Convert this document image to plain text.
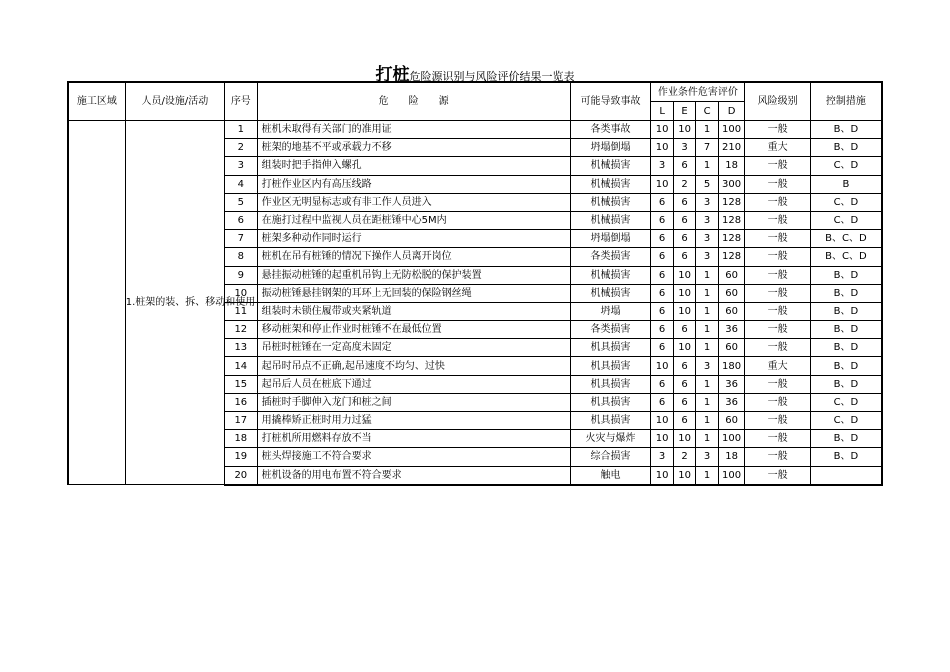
打桩危险源识别与风险评价结果一览表
施工区域	人员/设施/活动	序号	危　　险　　源	可能导致事故	作业条件危害评价				风险级别	控制措施
					L	E	C	D		
	1.桩架的装、拆、移动和使用	1	桩机未取得有关部门的准用证	各类事故	10	10	1	100	一般	B、D
		2	桩架的地基不平或承载力不移	坍塌倒塌	10	3	7	210	重大	B、D
		3	组装时把手指伸入螺孔	机械损害	3	6	1	18	一般	C、D
		4	打桩作业区内有高压线路	机械损害	10	2	5	300	一般	B
		5	作业区无明显标志或有非工作人员进入	机械损害	6	6	3	128	一般	C、D
		6	在施打过程中监视人员在距桩锤中心5M内	机械损害	6	6	3	128	一般	C、D
		7	桩架多种动作同时运行	坍塌倒塌	6	6	3	128	一般	B、C、D
		8	桩机在吊有桩锤的情况下操作人员离开岗位	各类损害	6	6	3	128	一般	B、C、D
		9	悬挂振动桩锤的起重机吊钩上无防松脱的保护装置	机械损害	6	10	1	60	一般	B、D
		10	振动桩锤悬挂钢架的耳环上无回装的保险钢丝绳	机械损害	6	10	1	60	一般	B、D
		11	组装时未锁住履带或夹紧轨道	坍塌	6	10	1	60	一般	B、D
		12	移动桩架和停止作业时桩锤不在最低位置	各类损害	6	6	1	36	一般	B、D
		13	吊桩时桩锤在一定高度未固定	机具损害	6	10	1	60	一般	B、D
		14	起吊时吊点不正确,起吊速度不均匀、过快	机具损害	10	6	3	180	重大	B、D
		15	起吊后人员在桩底下通过	机具损害	6	6	1	36	一般	B、D
		16	插桩时手脚伸入龙门和桩之间	机具损害	6	6	1	36	一般	C、D
		17	用撬棒矫正桩时用力过猛	机具损害	10	6	1	60	一般	C、D
		18	打桩机所用燃料存放不当	火灾与爆炸	10	10	1	100	一般	B、D
		19	桩头焊接施工不符合要求	综合损害	3	2	3	18	一般	B、D
		20	桩机设备的用电布置不符合要求	触电	10	10	1	100	一般	
